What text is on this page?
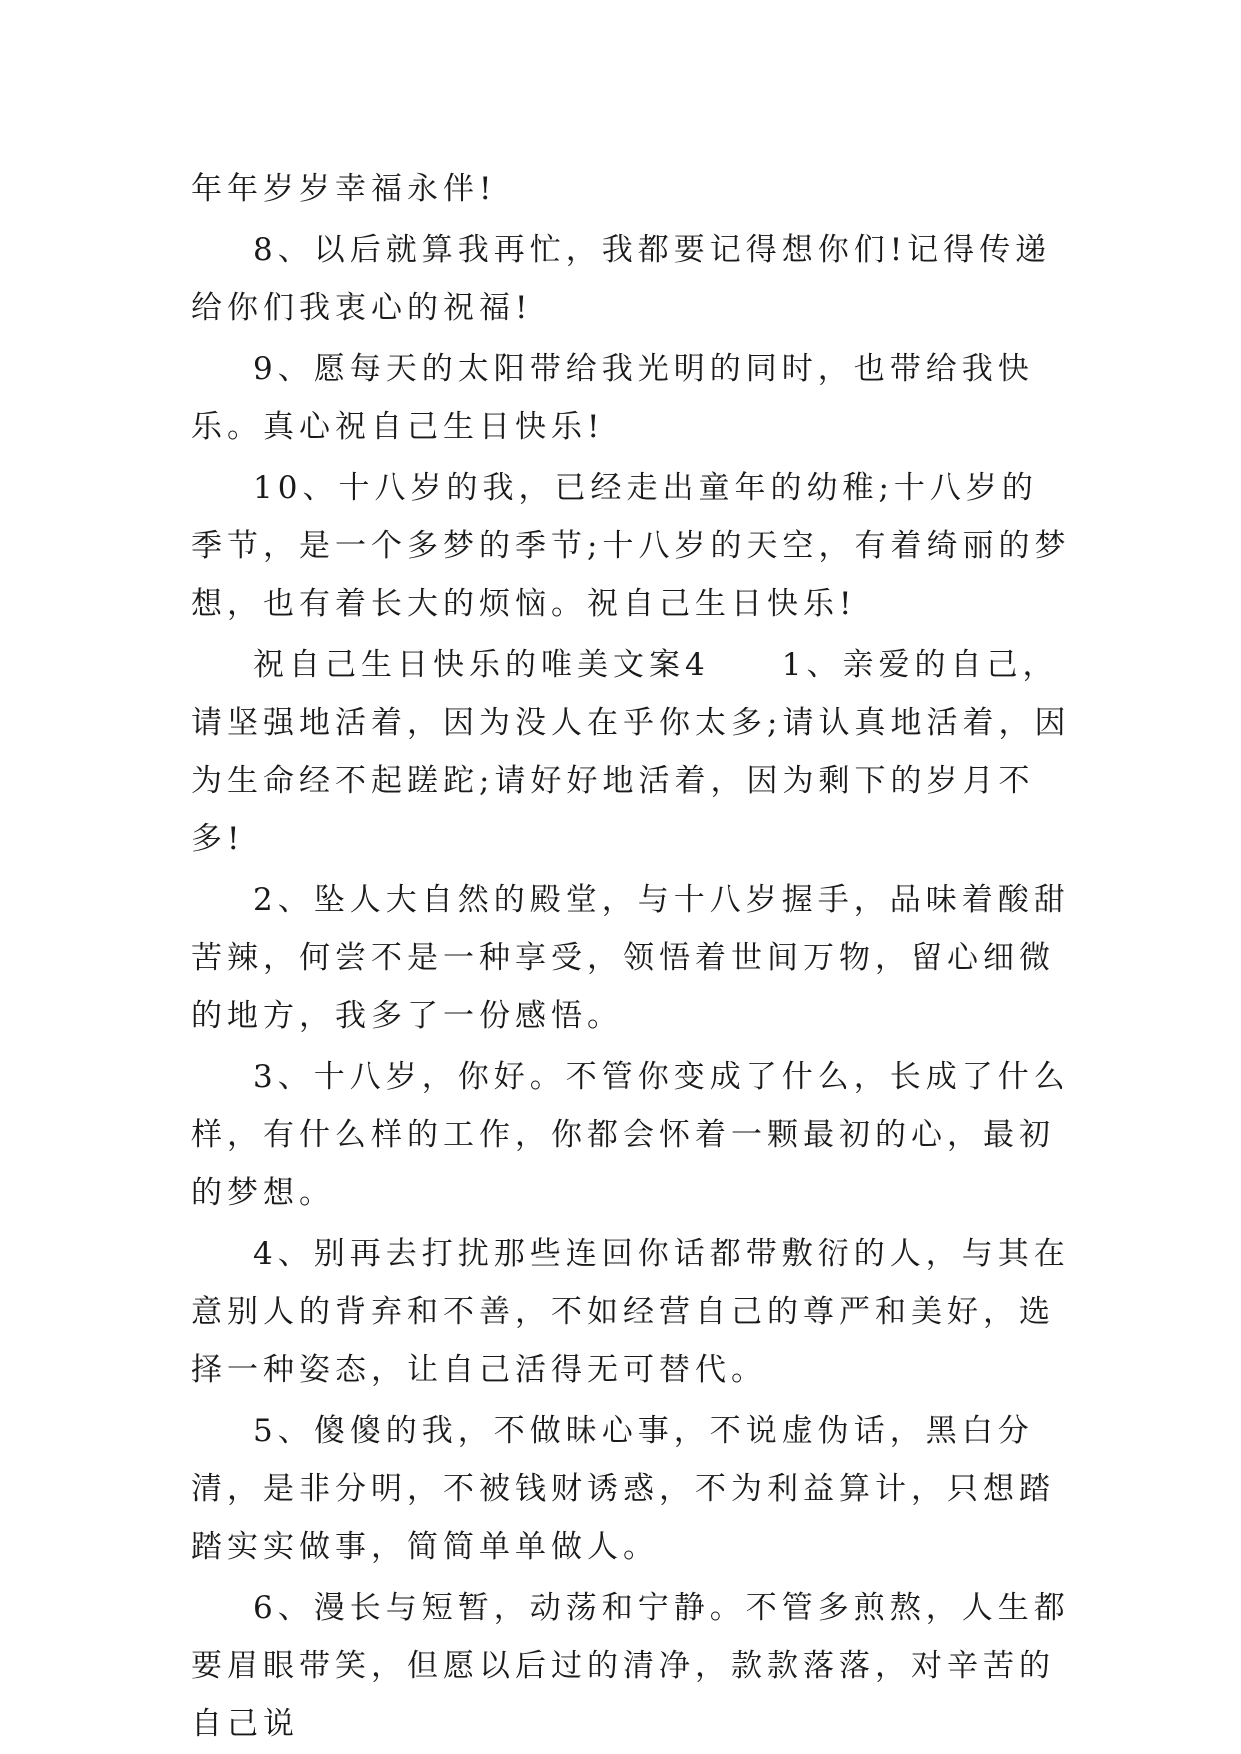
年年岁岁幸福永伴!

8、以后就算我再忙，我都要记得想你们!记得传递给你们我衷心的祝福!

9、愿每天的太阳带给我光明的同时，也带给我快乐。真心祝自己生日快乐!

10、十八岁的我，已经走出童年的幼稚;十八岁的季节，是一个多梦的季节;十八岁的天空，有着绮丽的梦想，也有着长大的烦恼。祝自己生日快乐!

祝自己生日快乐的唯美文案4　　1、亲爱的自己，请坚强地活着，因为没人在乎你太多;请认真地活着，因为生命经不起蹉跎;请好好地活着，因为剩下的岁月不多!

2、坠人大自然的殿堂，与十八岁握手，品味着酸甜苦辣，何尝不是一种享受，领悟着世间万物，留心细微的地方，我多了一份感悟。

3、十八岁，你好。不管你变成了什么，长成了什么样，有什么样的工作，你都会怀着一颗最初的心，最初的梦想。

4、别再去打扰那些连回你话都带敷衍的人，与其在意别人的背弃和不善，不如经营自己的尊严和美好，选择一种姿态，让自己活得无可替代。

5、傻傻的我，不做昧心事，不说虚伪话，黑白分清，是非分明，不被钱财诱惑，不为利益算计，只想踏踏实实做事，简简单单做人。

6、漫长与短暂，动荡和宁静。不管多煎熬，人生都要眉眼带笑，但愿以后过的清净，款款落落，对辛苦的自己说
